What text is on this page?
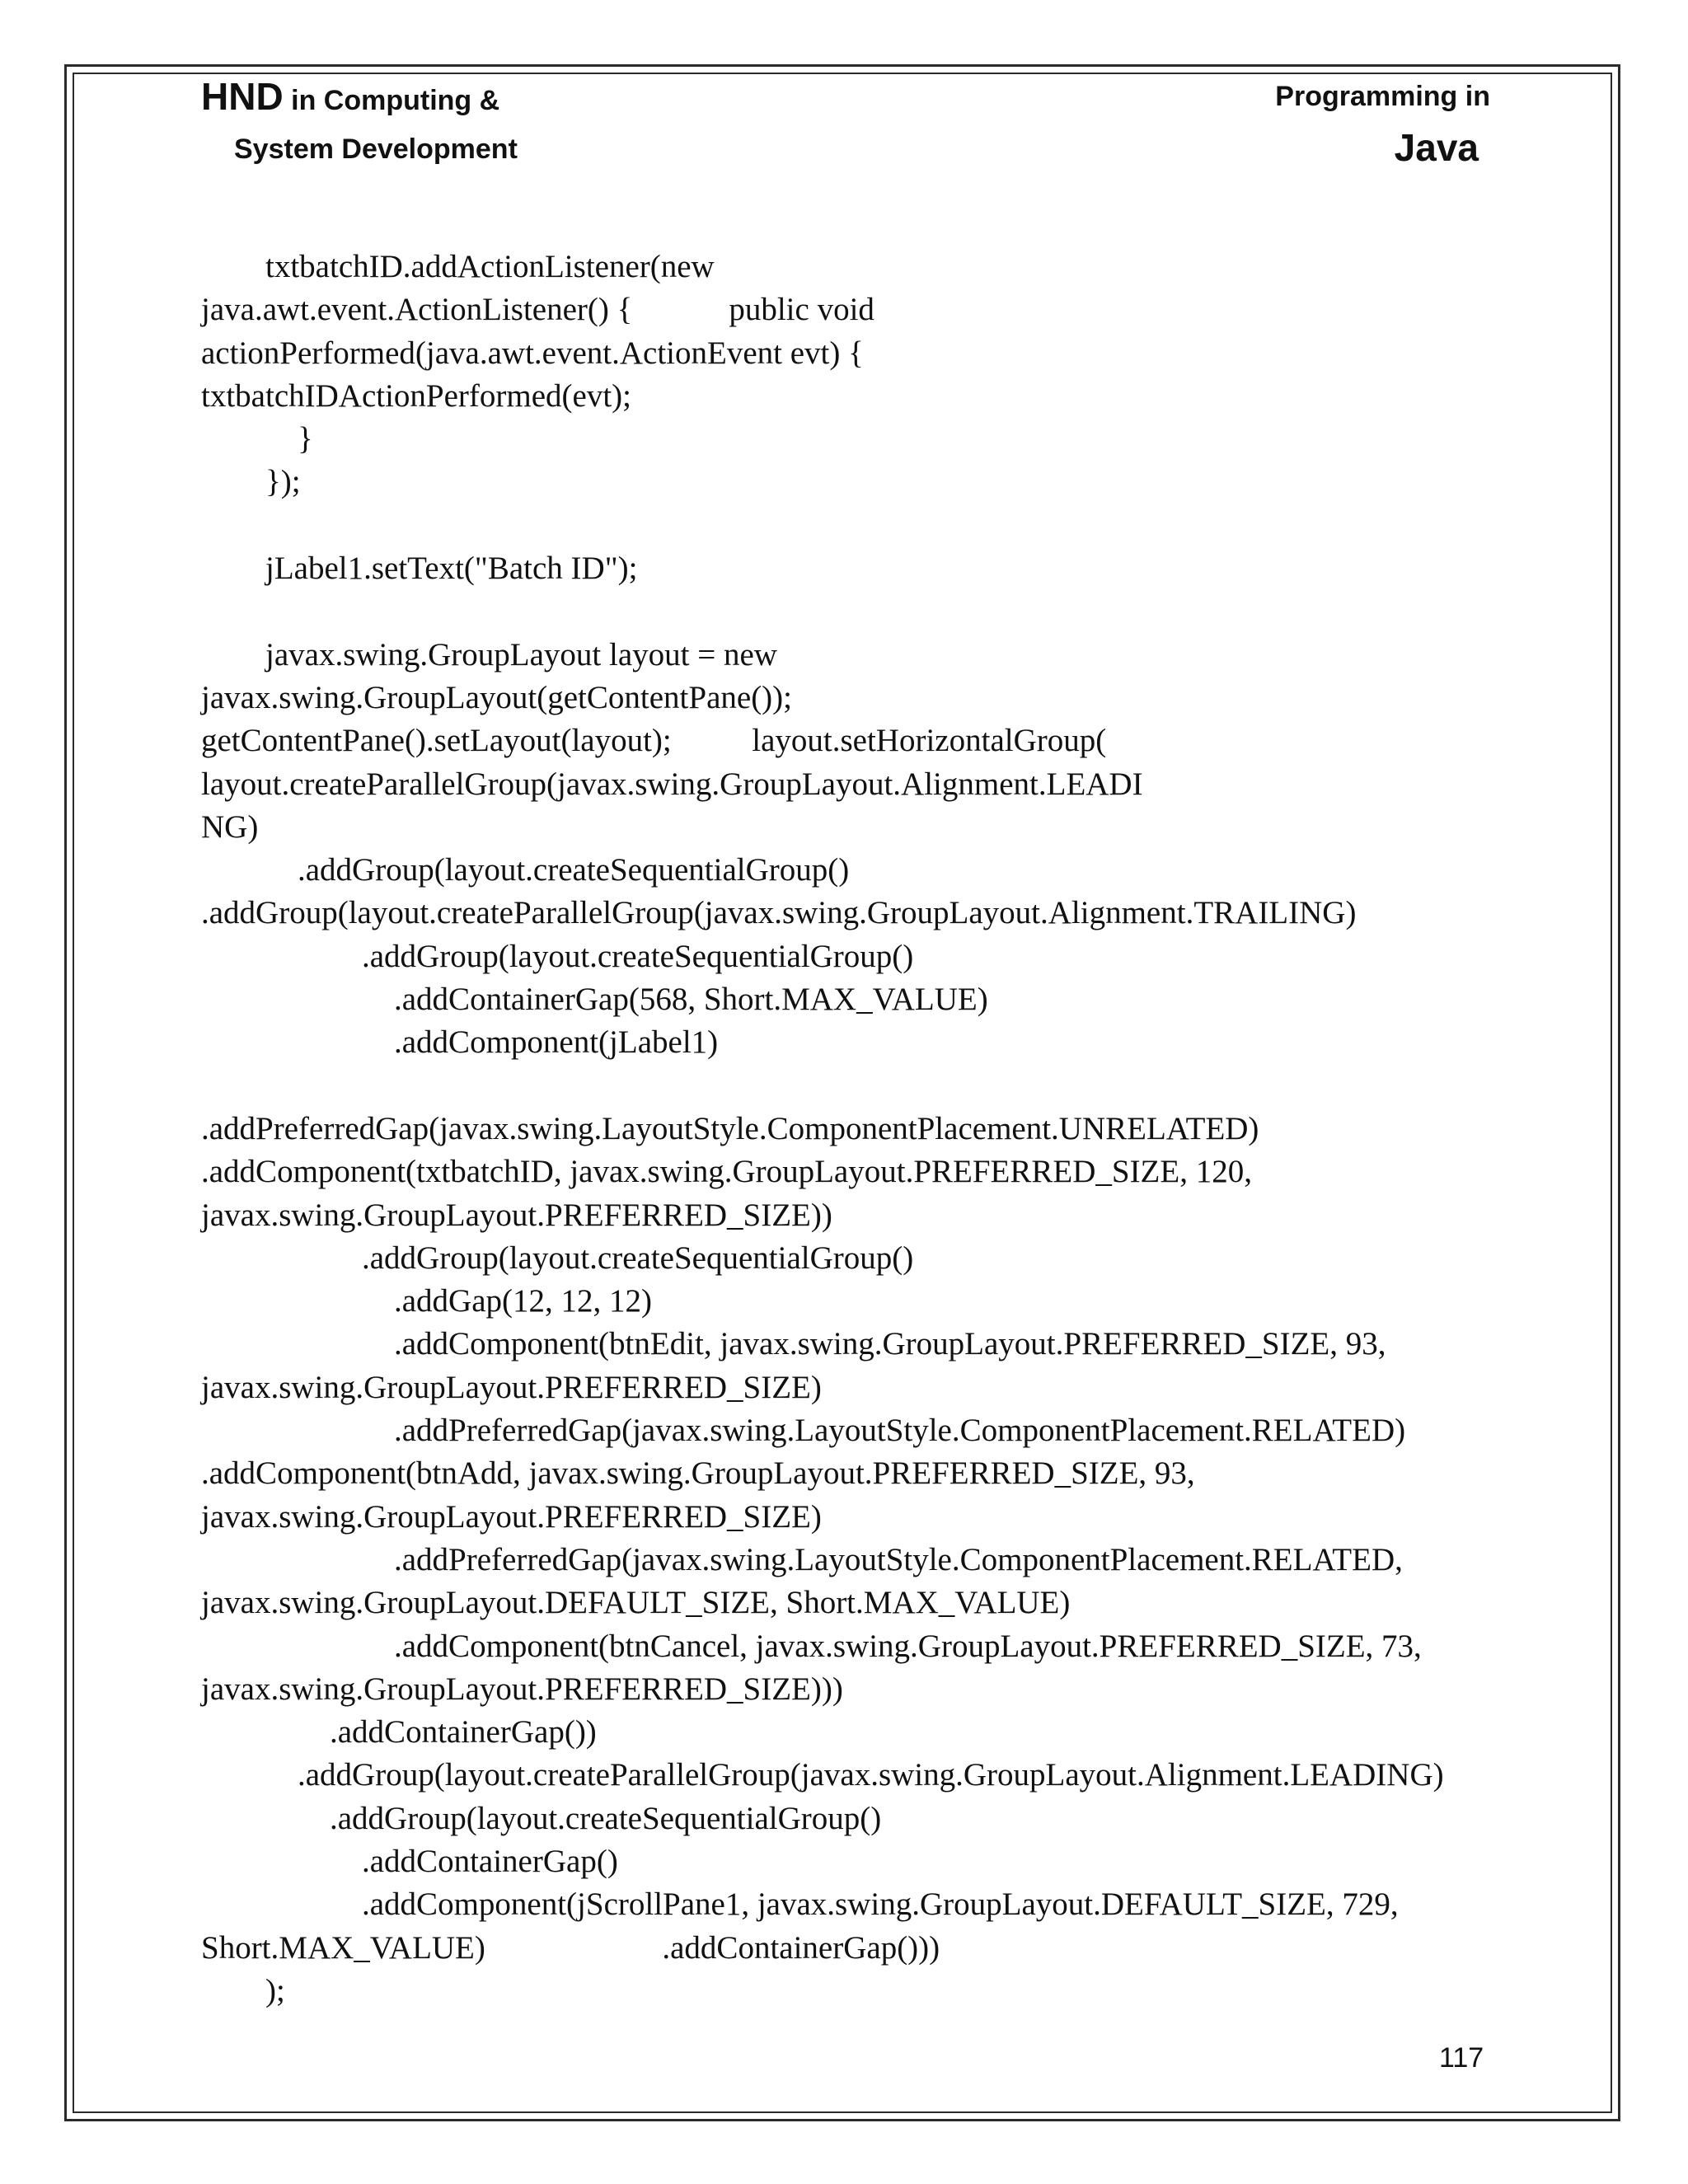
HND in Computing &
System Development
Programming in
Java
txtbatchID.addActionListener(new
java.awt.event.ActionListener() {            public void
actionPerformed(java.awt.event.ActionEvent evt) {
txtbatchIDActionPerformed(evt);
}
});
jLabel1.setText("Batch ID");
javax.swing.GroupLayout layout = new
javax.swing.GroupLayout(getContentPane());
getContentPane().setLayout(layout);          layout.setHorizontalGroup(
layout.createParallelGroup(javax.swing.GroupLayout.Alignment.LEADI
NG)
.addGroup(layout.createSequentialGroup()
.addGroup(layout.createParallelGroup(javax.swing.GroupLayout.Alignment.TRAILING)
.addGroup(layout.createSequentialGroup()
.addContainerGap(568, Short.MAX_VALUE)
.addComponent(jLabel1)
.addPreferredGap(javax.swing.LayoutStyle.ComponentPlacement.UNRELATED)
.addComponent(txtbatchID, javax.swing.GroupLayout.PREFERRED_SIZE, 120,
javax.swing.GroupLayout.PREFERRED_SIZE))
.addGroup(layout.createSequentialGroup()
.addGap(12, 12, 12)
.addComponent(btnEdit, javax.swing.GroupLayout.PREFERRED_SIZE, 93,
javax.swing.GroupLayout.PREFERRED_SIZE)
.addPreferredGap(javax.swing.LayoutStyle.ComponentPlacement.RELATED)
.addComponent(btnAdd, javax.swing.GroupLayout.PREFERRED_SIZE, 93,
javax.swing.GroupLayout.PREFERRED_SIZE)
.addPreferredGap(javax.swing.LayoutStyle.ComponentPlacement.RELATED,
javax.swing.GroupLayout.DEFAULT_SIZE, Short.MAX_VALUE)
.addComponent(btnCancel, javax.swing.GroupLayout.PREFERRED_SIZE, 73,
javax.swing.GroupLayout.PREFERRED_SIZE)))
.addContainerGap())
.addGroup(layout.createParallelGroup(javax.swing.GroupLayout.Alignment.LEADING)
.addGroup(layout.createSequentialGroup()
.addContainerGap()
.addComponent(jScrollPane1, javax.swing.GroupLayout.DEFAULT_SIZE, 729,
Short.MAX_VALUE)                      .addContainerGap()))
);
117
